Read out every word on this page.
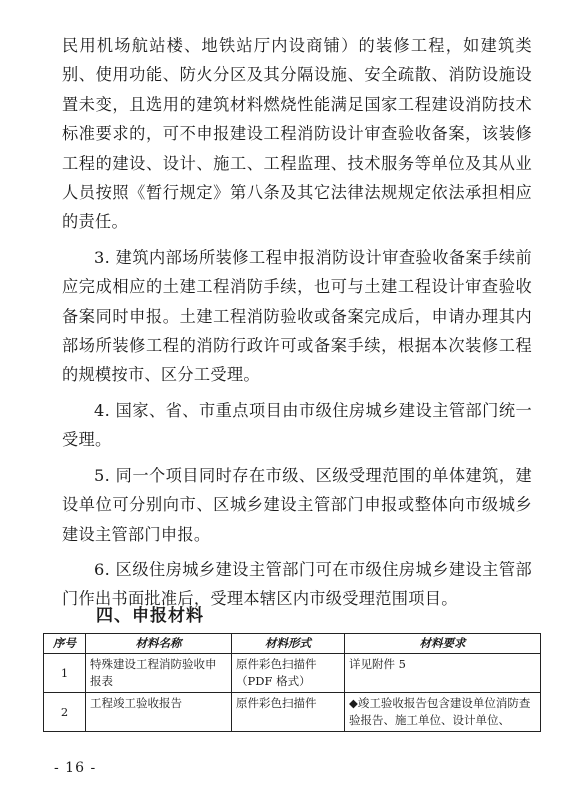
民用机场航站楼、地铁站厅内设商铺）的装修工程，如建筑类别、使用功能、防火分区及其分隔设施、安全疏散、消防设施设置未变，且选用的建筑材料燃烧性能满足国家工程建设消防技术标准要求的，可不申报建设工程消防设计审查验收备案，该装修工程的建设、设计、施工、工程监理、技术服务等单位及其从业人员按照《暂行规定》第八条及其它法律法规规定依法承担相应的责任。

3. 建筑内部场所装修工程申报消防设计审查验收备案手续前应完成相应的土建工程消防手续，也可与土建工程设计审查验收备案同时申报。土建工程消防验收或备案完成后，申请办理其内部场所装修工程的消防行政许可或备案手续，根据本次装修工程的规模按市、区分工受理。

4. 国家、省、市重点项目由市级住房城乡建设主管部门统一受理。

5. 同一个项目同时存在市级、区级受理范围的单体建筑，建设单位可分别向市、区城乡建设主管部门申报或整体向市级城乡建设主管部门申报。

6. 区级住房城乡建设主管部门可在市级住房城乡建设主管部门作出书面批准后，受理本辖区内市级受理范围项目。

四、申报材料
序号	材料名称	材料形式	材料要求
1	特殊建设工程消防验收申报表	原件彩色扫描件（PDF 格式）	详见附件 5
2	工程竣工验收报告	原件彩色扫描件	◆竣工验收报告包含建设单位消防查验报告、施工单位、设计单位、
- 16 -
